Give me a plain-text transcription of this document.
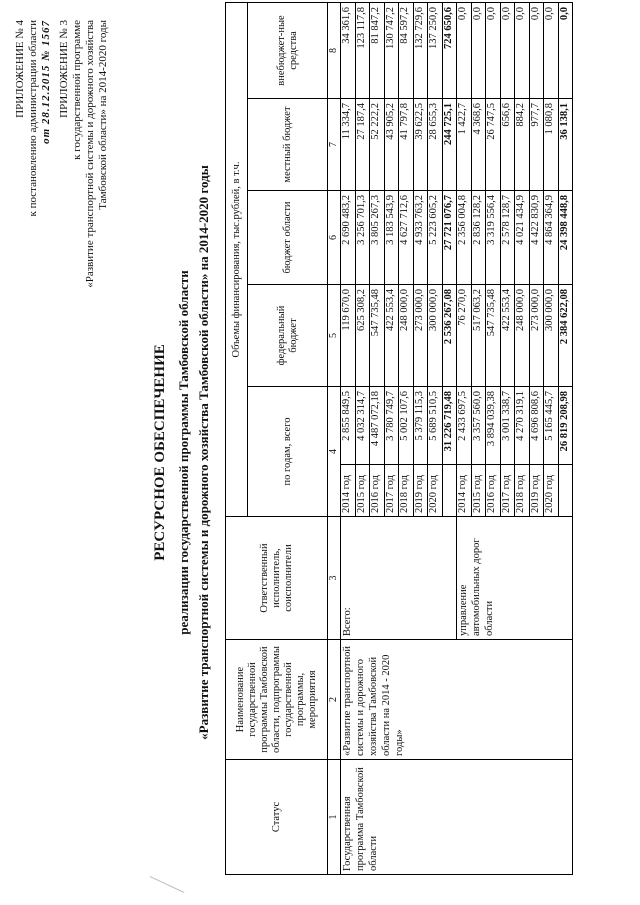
ПРИЛОЖЕНИЕ № 4 к постановлению администрации области от 28.12.2015 № 1567 ПРИЛОЖЕНИЕ № 3 к государственной программе «Развитие транспортной системы и дорожного хозяйства Тамбовской области» на 2014-2020 годы
РЕСУРСНОЕ ОБЕСПЕЧЕНИЕ реализации государственной программы Тамбовской области «Развитие транспортной системы и дорожного хозяйства Тамбовской области» на 2014-2020 годы
Статус	Наименование государственной программы Тамбовской области, подпрограммы государственной программы, мероприятия	Ответственный исполнитель, соисполнители	Объемы финансирования, тыс.рублей, в т.ч.					
			по годам, всего		федеральный бюджет	бюджет области	местный бюджет	внебюджет-ные средства
1	2	3	4		5	6	7	8
Государственная программа Тамбовской области	«Развитие транспортной системы и дорожного хозяйства Тамбовской области на 2014 - 2020 годы»	Всего:	2014 год	2 855 849,5	119 670,0	2 690 483,2	11 334,7	34 361,6
			2015 год	4 032 314,7	625 308,2	3 256 701,3	27 187,4	123 117,8
			2016 год	4 487 072,18	547 735,48	3 805 267,3	52 222,2	81 847,2
			2017 год	3 780 749,7	422 553,4	3 183 543,9	43 905,2	130 747,2
			2018 год	5 002 107,6	248 000,0	4 627 712,6	41 797,8	84 597,2
			2019 год	5 379 115,3	273 000,0	4 933 763,2	39 622,5	132 729,6
			2020 год	5 689 510,5	300 000,0	5 223 605,2	28 655,3	137 250,0
				31 226 719,48	2 536 267,08	27 721 076,7	244 725,1	724 650,6
		управление автомобильных дорог области	2014 год	2 433 697,5	76 270,0	2 356 004,8	1 422,7	0,0
			2015 год	3 357 560,0	517 063,2	2 836 128,2	4 368,6	0,0
			2016 год	3 894 039,38	547 735,48	3 319 556,4	26 747,5	0,0
			2017 год	3 001 338,7	422 553,4	2 578 128,7	656,6	0,0
			2018 год	4 270 319,1	248 000,0	4 021 434,9	884,2	0,0
			2019 год	4 696 808,6	273 000,0	4 422 830,9	977,7	0,0
			2020 год	5 165 445,7	300 000,0	4 864 364,9	1 080,8	0,0
				26 819 208,98	2 384 622,08	24 398 448,8	36 138,1	0,0
